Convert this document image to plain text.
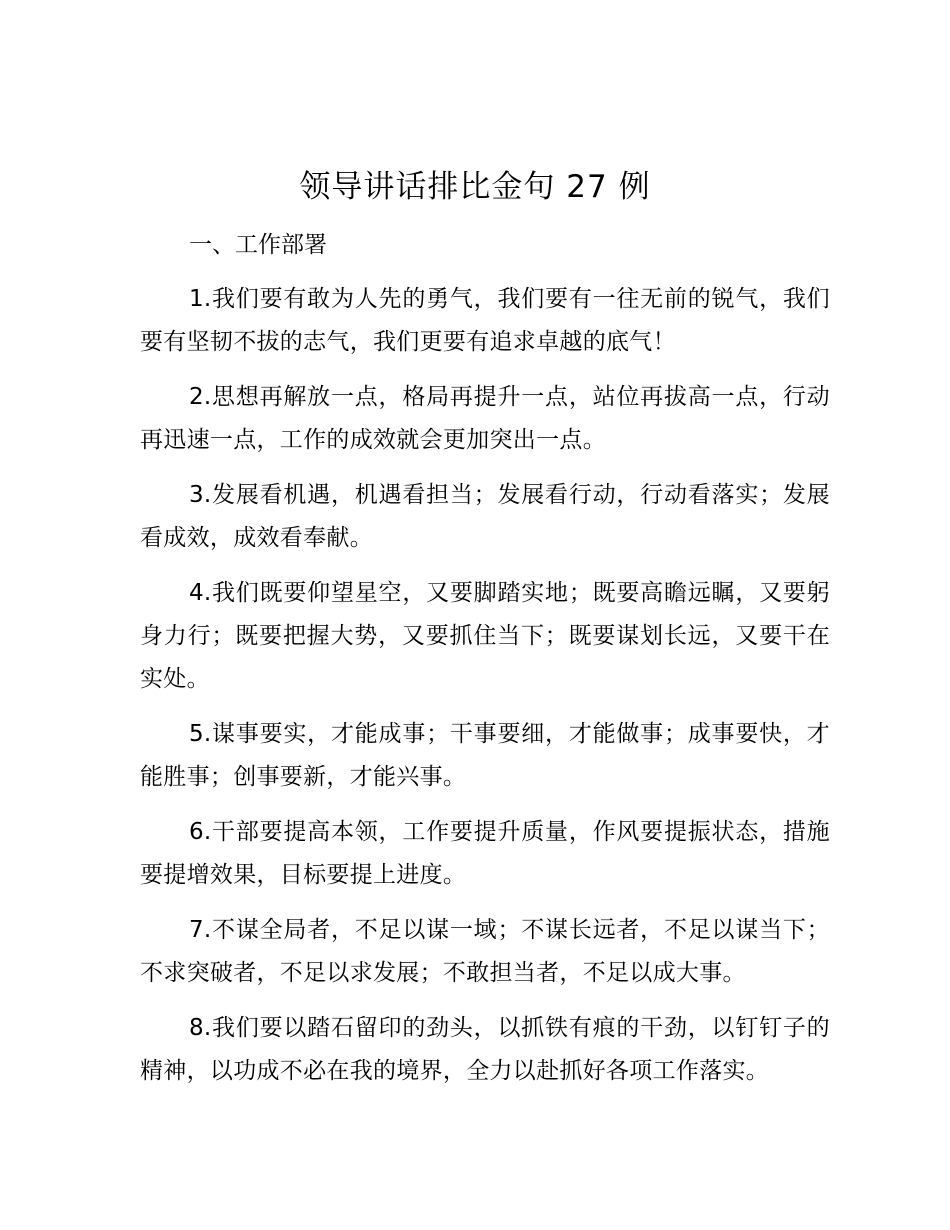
领导讲话排比金句 27 例

一、工作部署

1.我们要有敢为人先的勇气，我们要有一往无前的锐气，我们要有坚韧不拔的志气，我们更要有追求卓越的底气！

2.思想再解放一点，格局再提升一点，站位再拔高一点，行动再迅速一点，工作的成效就会更加突出一点。

3.发展看机遇，机遇看担当；发展看行动，行动看落实；发展看成效，成效看奉献。

4.我们既要仰望星空，又要脚踏实地；既要高瞻远瞩，又要躬身力行；既要把握大势，又要抓住当下；既要谋划长远，又要干在实处。

5.谋事要实，才能成事；干事要细，才能做事；成事要快，才能胜事；创事要新，才能兴事。

6.干部要提高本领，工作要提升质量，作风要提振状态，措施要提增效果，目标要提上进度。

7.不谋全局者，不足以谋一域；不谋长远者，不足以谋当下；不求突破者，不足以求发展；不敢担当者，不足以成大事。

8.我们要以踏石留印的劲头，以抓铁有痕的干劲，以钉钉子的精神，以功成不必在我的境界，全力以赴抓好各项工作落实。
